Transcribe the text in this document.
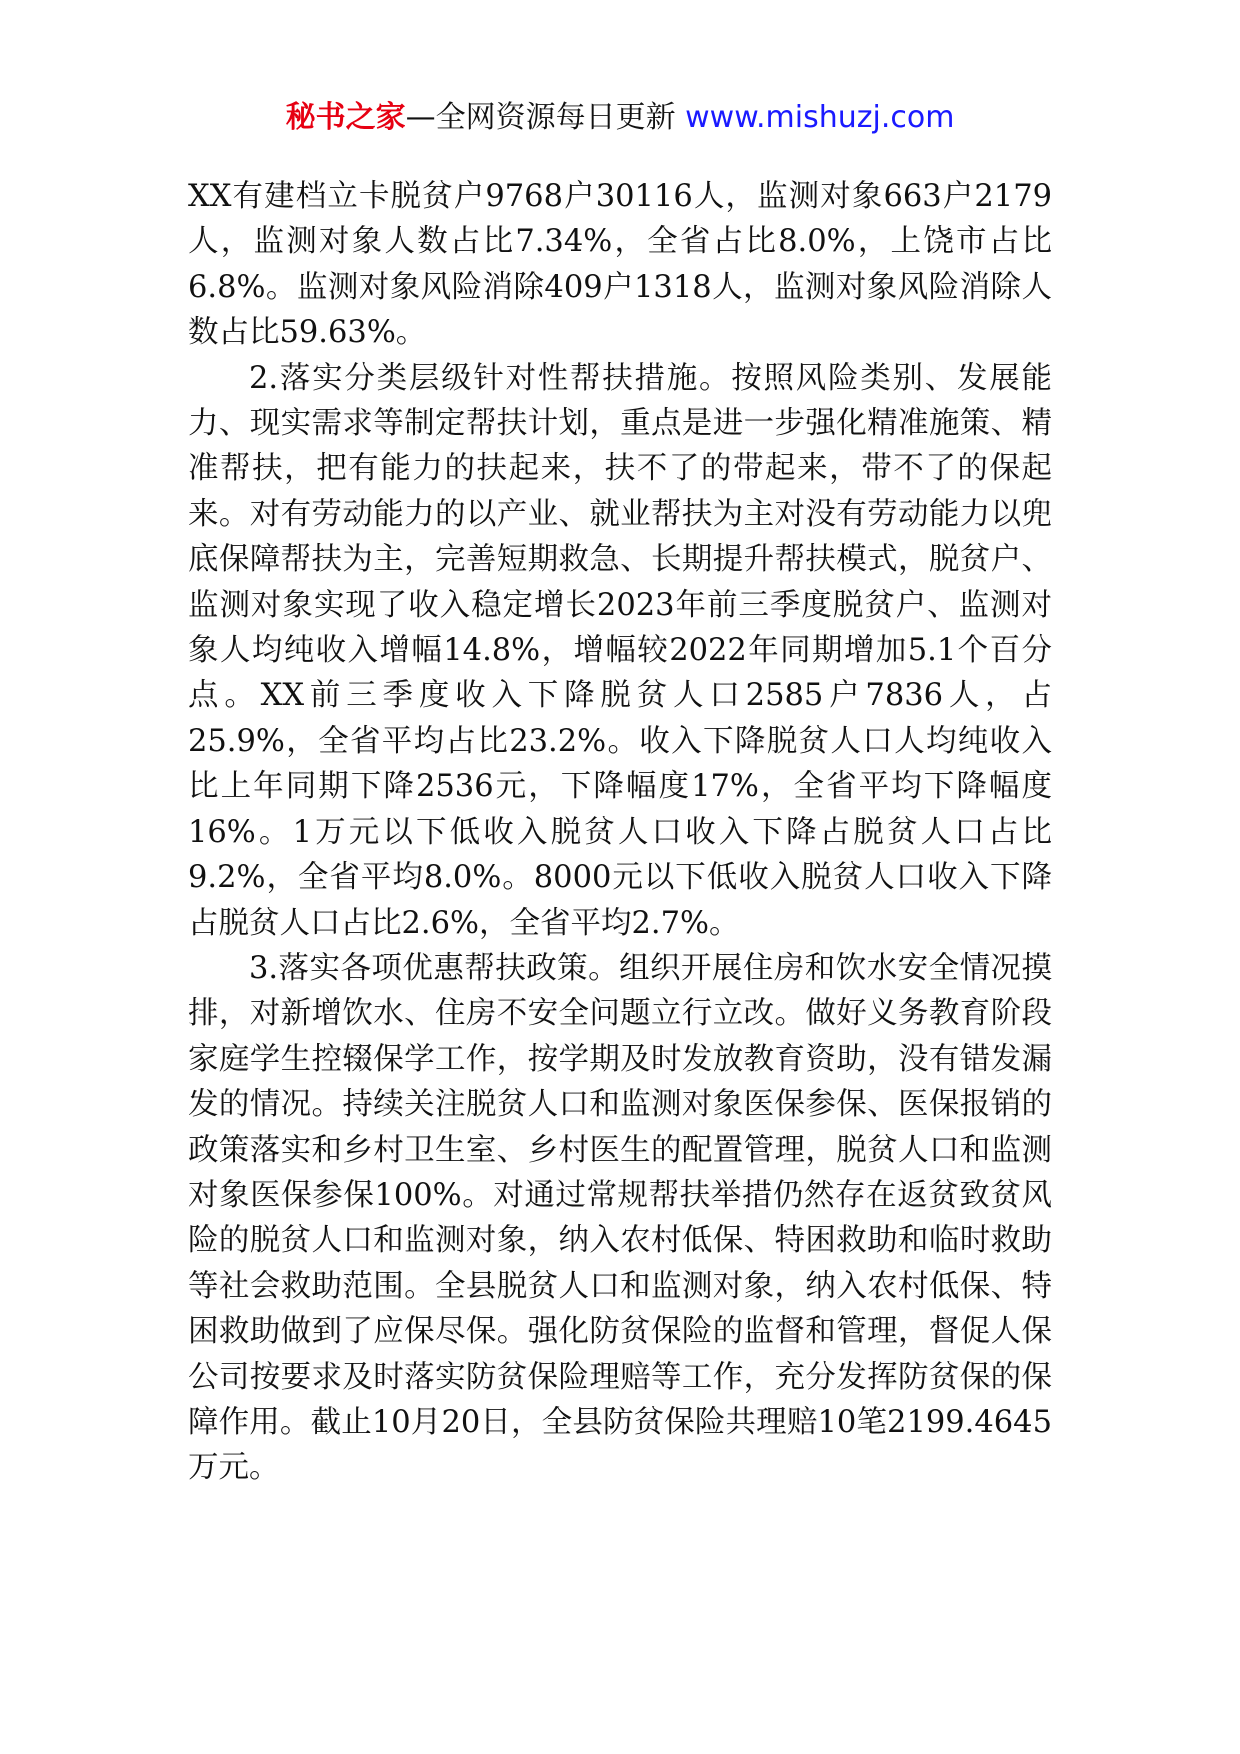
秘书之家—全网资源每日更新 www.mishuzj.com

XX有建档立卡脱贫户9768户30116人，监测对象663户2179人，监测对象人数占比7.34%，全省占比8.0%，上饶市占比6.8%。监测对象风险消除409户1318人，监测对象风险消除人数占比59.63%。

2.落实分类层级针对性帮扶措施。按照风险类别、发展能力、现实需求等制定帮扶计划，重点是进一步强化精准施策、精准帮扶，把有能力的扶起来，扶不了的带起来，带不了的保起来。对有劳动能力的以产业、就业帮扶为主对没有劳动能力以兜底保障帮扶为主，完善短期救急、长期提升帮扶模式，脱贫户、监测对象实现了收入稳定增长2023年前三季度脱贫户、监测对象人均纯收入增幅14.8%，增幅较2022年同期增加5.1个百分点。XX前三季度收入下降脱贫人口2585户7836人，占25.9%，全省平均占比23.2%。收入下降脱贫人口人均纯收入比上年同期下降2536元，下降幅度17%，全省平均下降幅度16%。1万元以下低收入脱贫人口收入下降占脱贫人口占比9.2%，全省平均8.0%。8000元以下低收入脱贫人口收入下降占脱贫人口占比2.6%，全省平均2.7%。

3.落实各项优惠帮扶政策。组织开展住房和饮水安全情况摸排，对新增饮水、住房不安全问题立行立改。做好义务教育阶段家庭学生控辍保学工作，按学期及时发放教育资助，没有错发漏发的情况。持续关注脱贫人口和监测对象医保参保、医保报销的政策落实和乡村卫生室、乡村医生的配置管理，脱贫人口和监测对象医保参保100%。对通过常规帮扶举措仍然存在返贫致贫风险的脱贫人口和监测对象，纳入农村低保、特困救助和临时救助等社会救助范围。全县脱贫人口和监测对象，纳入农村低保、特困救助做到了应保尽保。强化防贫保险的监督和管理，督促人保公司按要求及时落实防贫保险理赔等工作，充分发挥防贫保的保障作用。截止10月20日，全县防贫保险共理赔10笔2199.4645万元。
